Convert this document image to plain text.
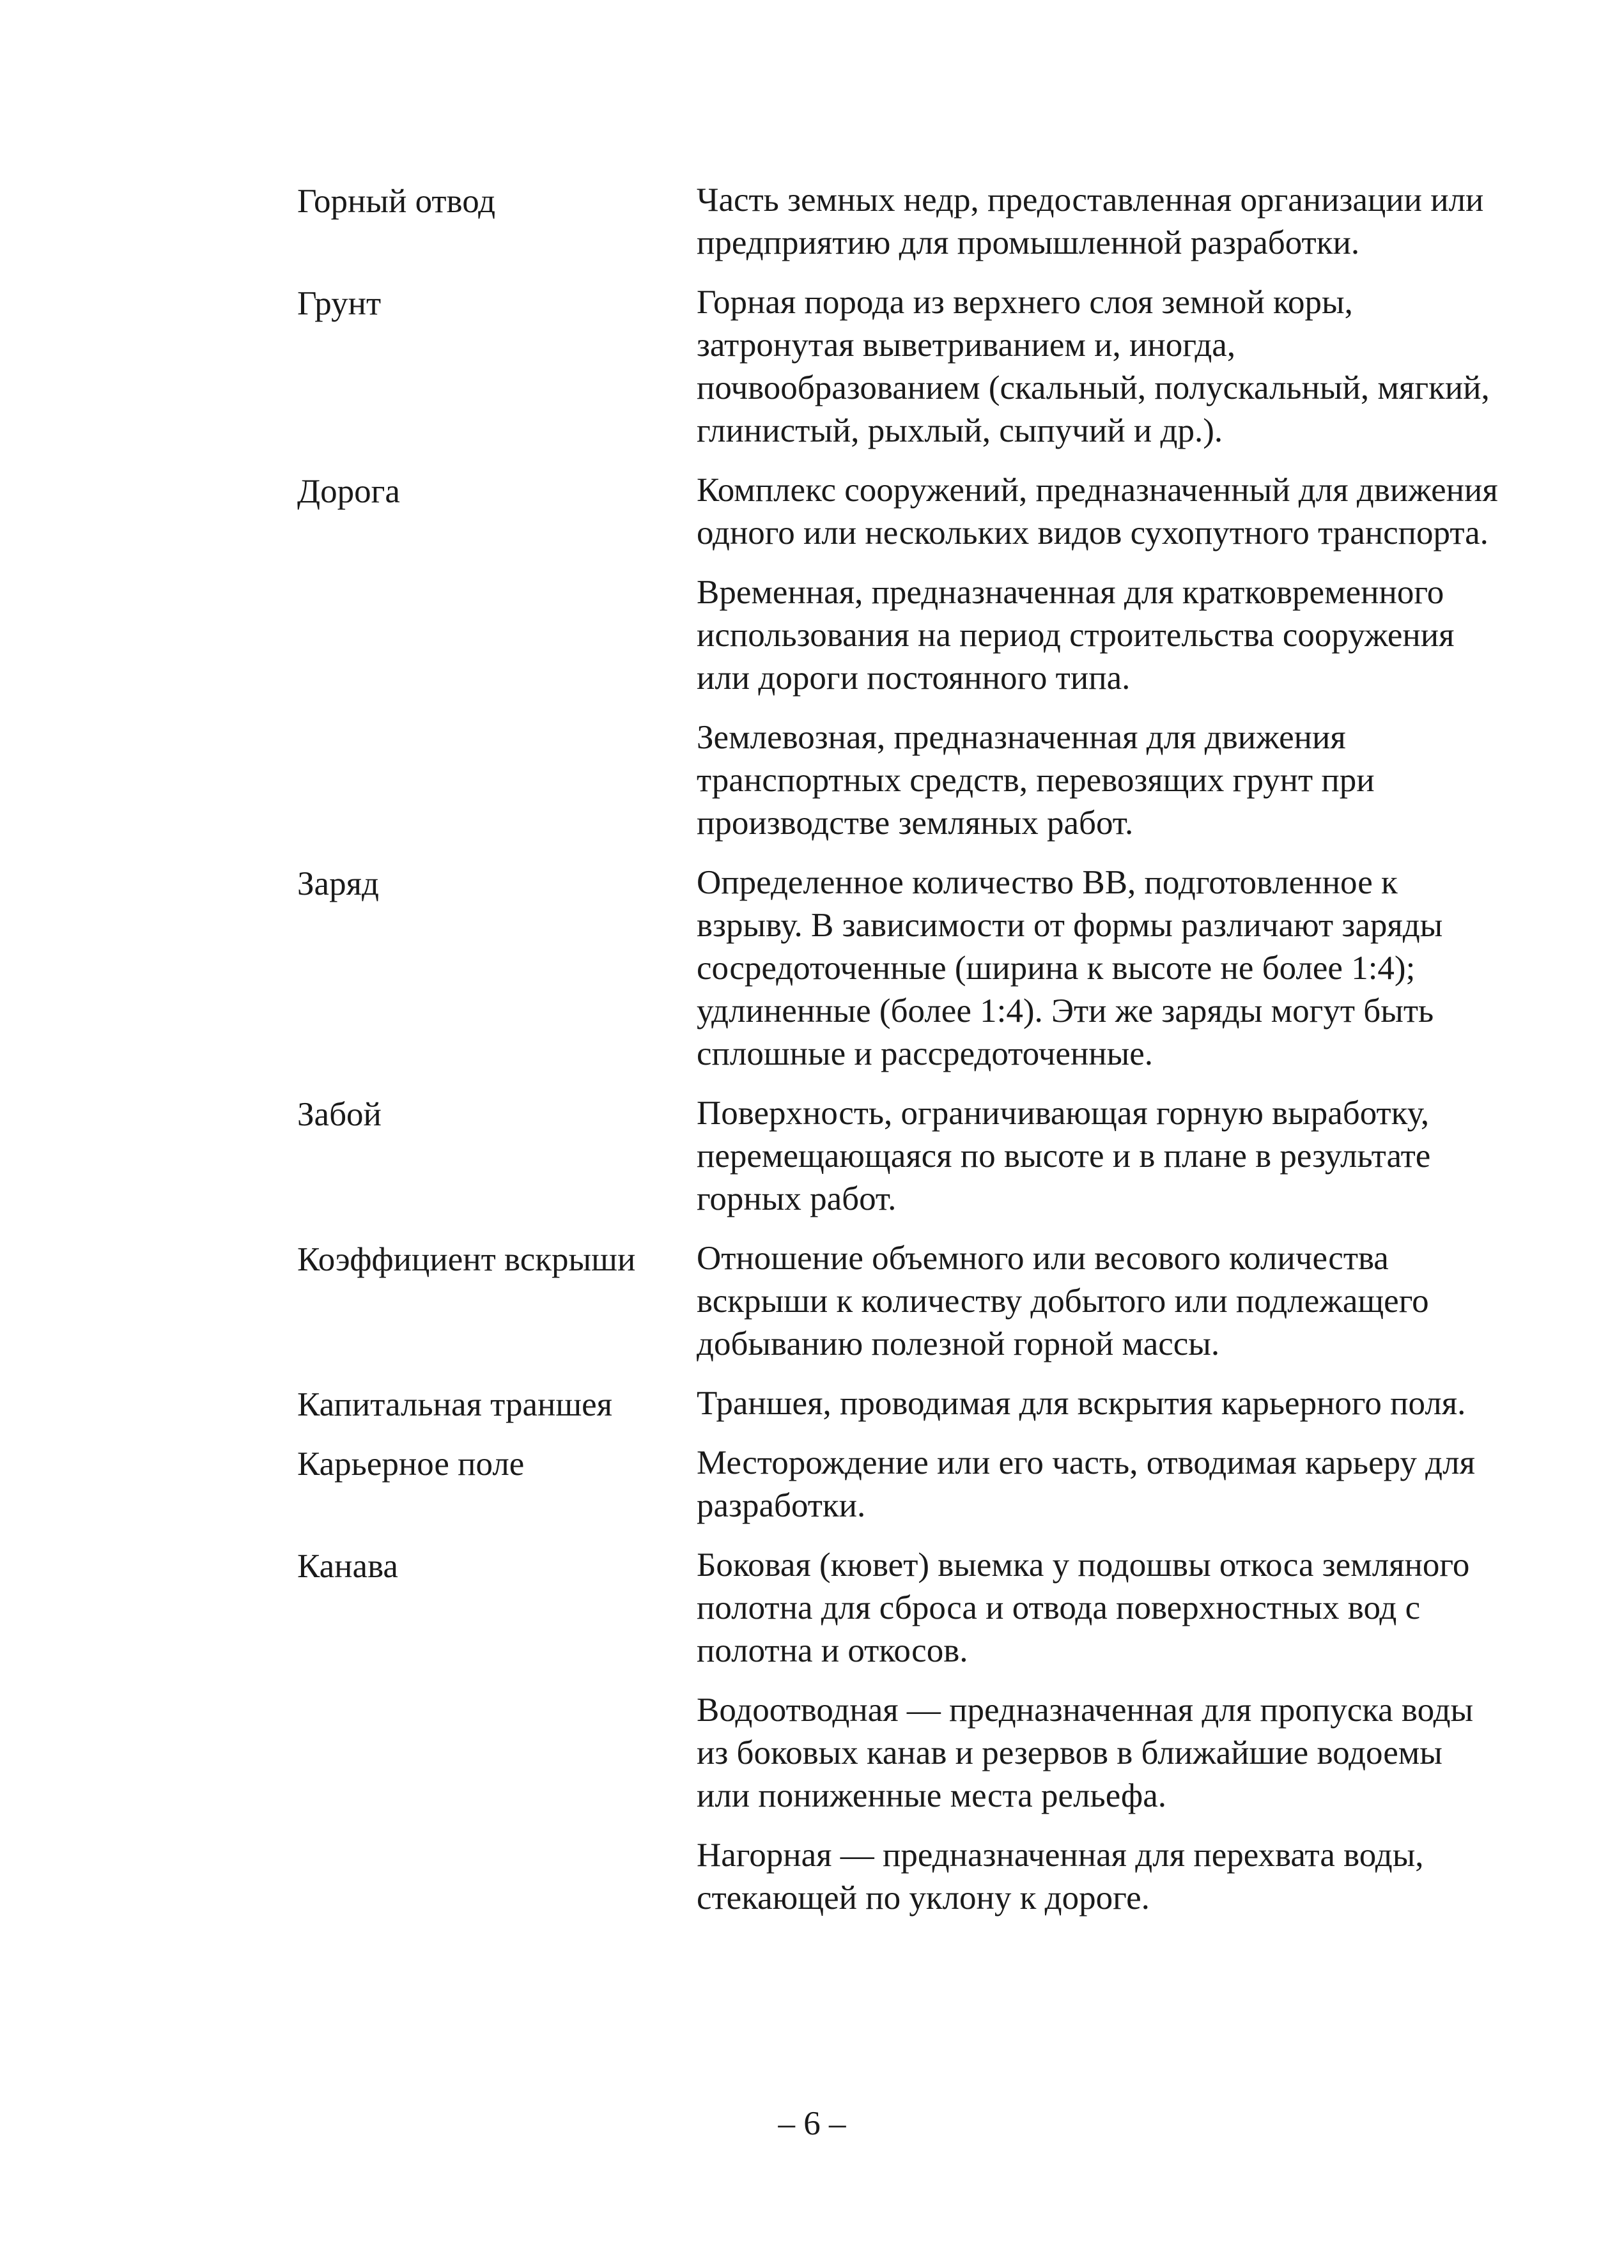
Горный отвод	Часть земных недр, предоставленная организации или предприятию для промышленной разработки.

Грунт	Горная порода из верхнего слоя земной коры, затронутая выветриванием и, иногда, почвообразованием (скальный, полускальный, мягкий, глинистый, рыхлый, сыпучий и др.).

Дорога	Комплекс сооружений, предназначенный для движения одного или нескольких видов сухопутного транспорта.

Временная, предназначенная для кратковременного использования на период строительства сооружения или дороги постоянного типа.

Землевозная, предназначенная для движения транспортных средств, перевозящих грунт при производстве земляных работ.

Заряд	Определенное количество ВВ, подготовленное к взрыву. В зависимости от формы различают заряды сосредоточенные (ширина к высоте не более 1:4); удлиненные (более 1:4). Эти же заряды могут быть сплошные и рассредоточенные.

Забой	Поверхность, ограничивающая горную выработку, перемещающаяся по высоте и в плане в результате горных работ.

Коэффициент вскрыши	Отношение объемного или весового количества вскрыши к количеству добытого или подлежащего добыванию полезной горной массы.

Капитальная траншея	Траншея, проводимая для вскрытия карьерного поля.

Карьерное поле	Месторождение или его часть, отводимая карьеру для разработки.

Канава	Боковая (кювет) выемка у подошвы откоса земляного полотна для сброса и отвода поверхностных вод с полотна и откосов.

Водоотводная — предназначенная для пропуска воды из боковых канав и резервов в ближайшие водоемы или пониженные места рельефа.

Нагорная — предназначенная для перехвата воды, стекающей по уклону к дороге.

– 6 –
